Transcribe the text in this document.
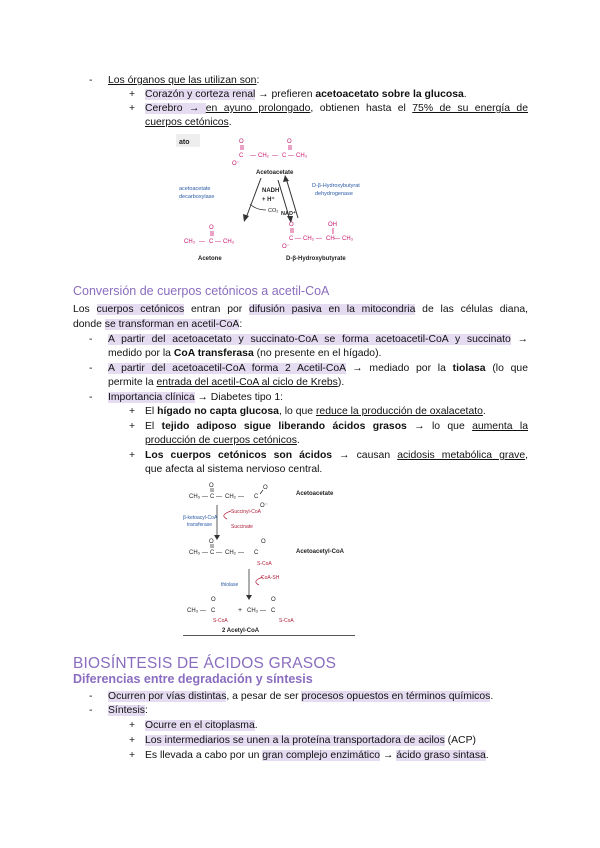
- Los órganos que las utilizan son:
+ Corazón y corteza renal → prefieren acetoacetato sobre la glucosa.
+ Cerebro → en ayuno prolongado, obtienen hasta el 75% de su energía de
cuerpos cetónicos.
ato	O
C
O
— CH₂ — C — CH₃
O⁻
Acetoacetate
acetoacetate
decarboxylase
CO₂
NADH
+ H⁺
NAD⁺
D-β-Hydroxybutyrate
dehydrogenase
O
CH₃ — C — CH₃
Acetone
O	OH
C — CH₂ — CH — CH₃
O⁻
D-β-Hydroxybutyrate
Conversión de cuerpos cetónicos a acetil-CoA
Los cuerpos cetónicos entran por difusión pasiva en la mitocondria de las células diana,
donde se transforman en acetil-CoA:
- A partir del acetoacetato y succinato-CoA se forma acetoacetil-CoA y succinato →
medido por la CoA transferasa (no presente en el hígado).
- A partir del acetoacetil-CoA forma 2 Acetil-CoA → mediado por la tiolasa (lo que
permite la entrada del acetil-CoA al ciclo de Krebs).
- Importancia clínica → Diabetes tipo 1:
+ El hígado no capta glucosa, lo que reduce la producción de oxalacetato.
+ El tejido adiposo sigue liberando ácidos grasos → lo que aumenta la
producción de cuerpos cetónicos.
+ Los cuerpos cetónicos son ácidos → causan acidosis metabólica grave,
que afecta al sistema nervioso central.
O	O
CH₃ — C — CH₂ — C
O⁻
Acetoacetate
β-ketoacyl-CoA
transferase
Succinyl-CoA
Succinate
O	O
CH₃ — C — CH₂ — C
S-CoA
Acetoacetyl-CoA
thiolase
CoA-SH
O
CH₃ — C
S-CoA
+
O
CH₃ — C
S-CoA
2 Acetyl-CoA
BIOSÍNTESIS DE ÁCIDOS GRASOS
Diferencias entre degradación y síntesis
- Ocurren por vías distintas, a pesar de ser procesos opuestos en términos químicos.
- Síntesis:
+ Ocurre en el citoplasma.
+ Los intermediarios se unen a la proteína transportadora de acilos (ACP)
+ Es llevada a cabo por un gran complejo enzimático → ácido graso sintasa.
